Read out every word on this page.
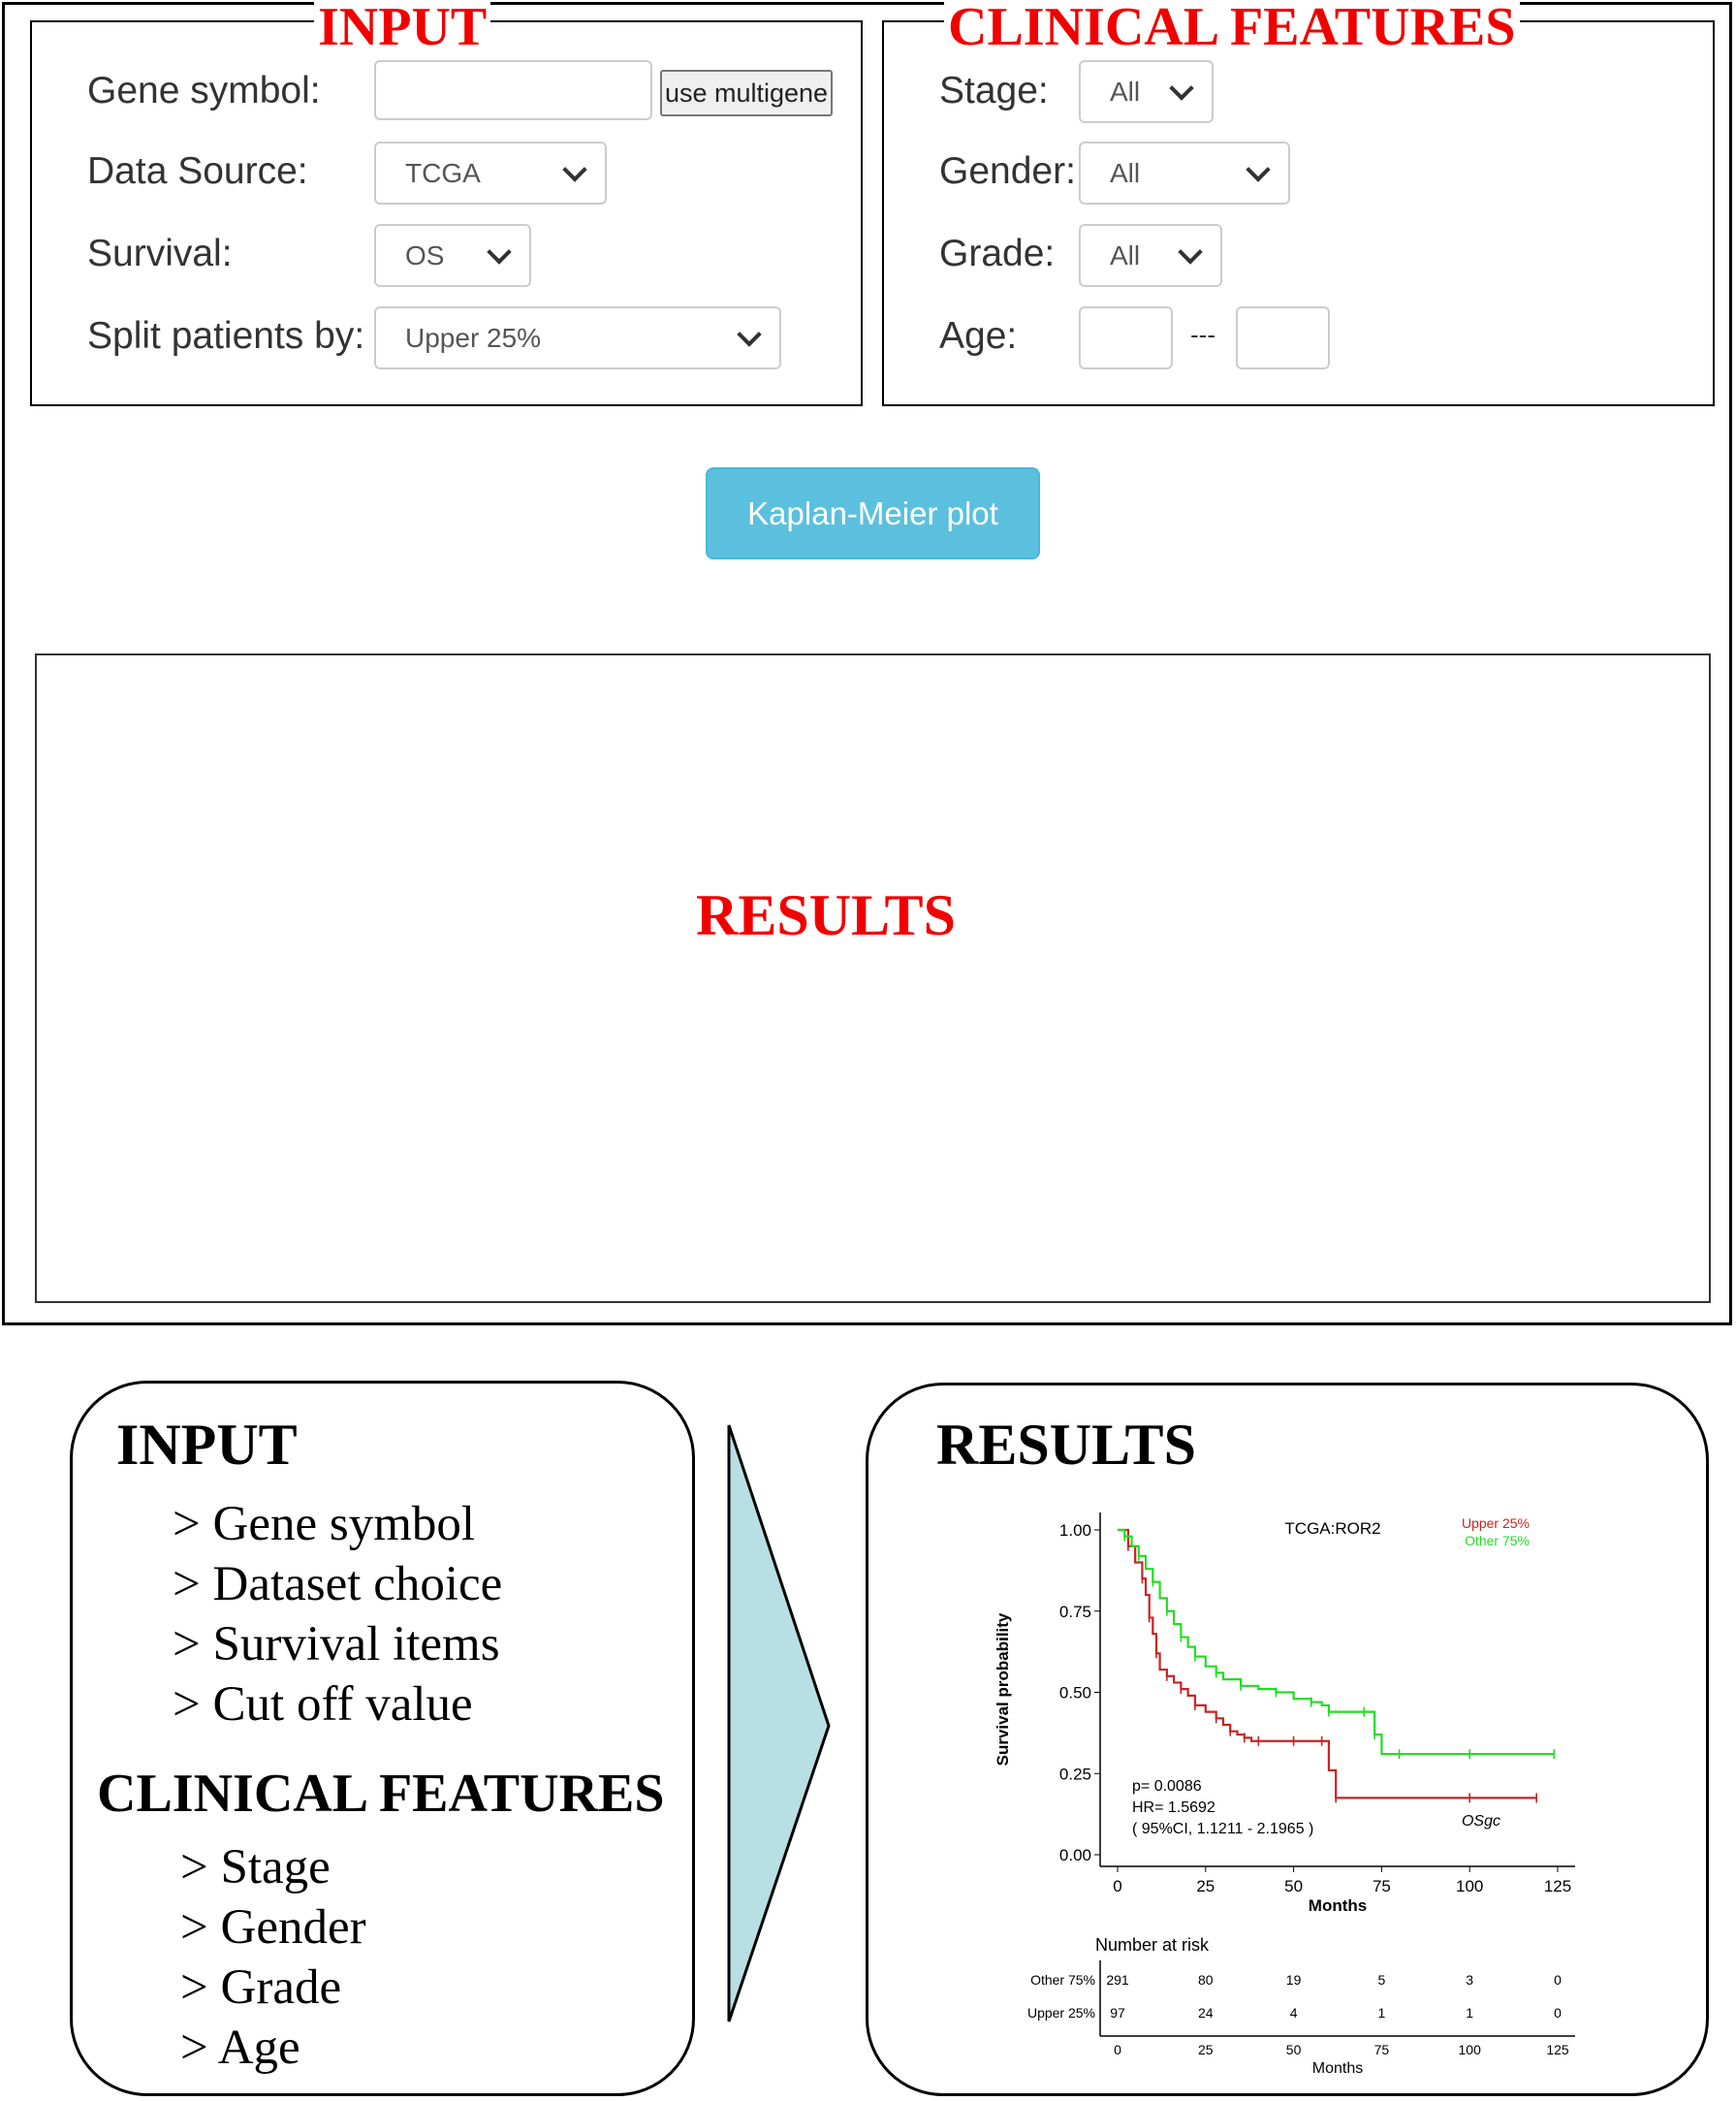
INPUT
Gene symbol:	use multigene
Data Source:	TCGA
Survival:	OS
Split patients by: Upper 25%
CLINICAL FEATURES
Stage: All
Gender: All
Grade: All
Age:	---
Kaplan-Meier plot
RESULTS
INPUT
> Gene symbol
> Dataset choice
> Survival items
> Cut off value
CLINICAL FEATURES
> Stage
> Gender
> Grade
> Age
RESULTS
0.00
0.25
0.50
0.75
1.00
0	25	50	75	100	125
Months
Survival probability
TCGA:ROR2	Upper 25%
Other 75%
p= 0.0086
HR= 1.5692
( 95%CI, 1.1211 - 2.1965 )	OSgc
Number at risk
Other 75% 291	80	19	5	3	0
Upper 25% 97	24	4	1	1	0
0	25	50	75	100	125
Months
